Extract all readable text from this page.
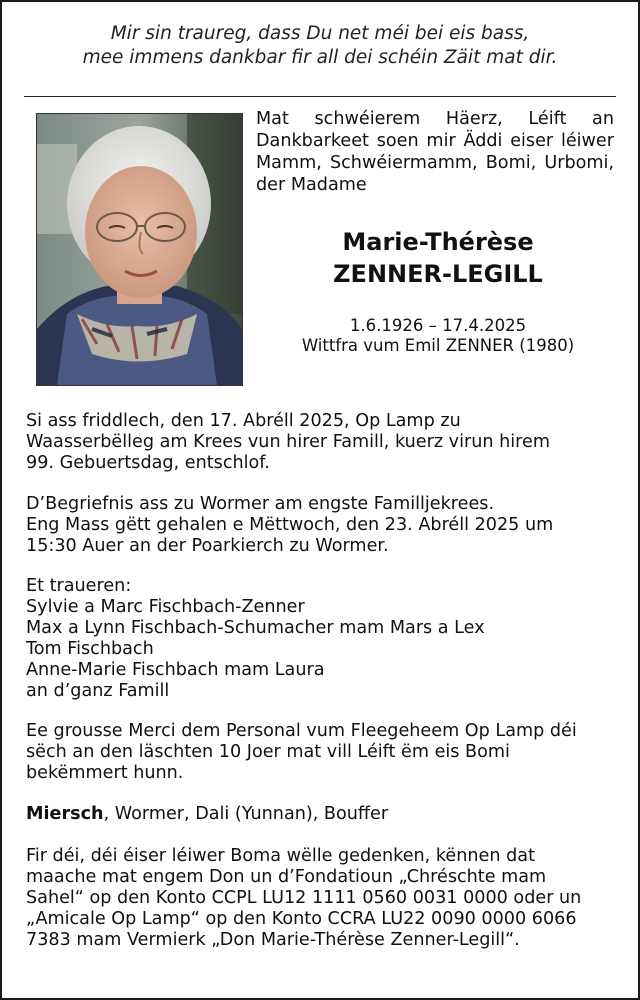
Mir sin traureg, dass Du net méi bei eis bass,
mee immens dankbar fir all dei schéin Zäit mat dir.
Mat schwéierem Häerz, Léift an Dankbarkeet soen mir Äddi eiser léiwer Mamm, Schwéiermamm, Bomi, Urbomi, der Madame
Marie-Thérèse
ZENNER-LEGILL
1.6.1926 – 17.4.2025
Wittfra vum Emil ZENNER (1980)
Si ass friddlech, den 17. Abréll 2025, Op Lamp zu
Waasserbëlleg am Krees vun hirer Famill, kuerz virun hirem
99. Gebuertsdag, entschlof.
D’Begriefnis ass zu Wormer am engste Familljekrees.
Eng Mass gëtt gehalen e Mëttwoch, den 23. Abréll 2025 um
15:30 Auer an der Poarkierch zu Wormer.
Et traueren:
Sylvie a Marc Fischbach-Zenner
Max a Lynn Fischbach-Schumacher mam Mars a Lex
Tom Fischbach
Anne-Marie Fischbach mam Laura
an d’ganz Famill
Ee grousse Merci dem Personal vum Fleegeheem Op Lamp déi
sëch an den läschten 10 Joer mat vill Léift ëm eis Bomi
bekëmmert hunn.
Miersch, Wormer, Dali (Yunnan), Bouffer
Fir déi, déi éiser léiwer Boma wëlle gedenken, kënnen dat
maache mat engem Don un d’Fondatioun „Chréschte mam
Sahel“ op den Konto CCPL LU12 1111 0560 0031 0000 oder un
„Amicale Op Lamp“ op den Konto CCRA LU22 0090 0000 6066
7383 mam Vermierk „Don Marie-Thérèse Zenner-Legill“.
